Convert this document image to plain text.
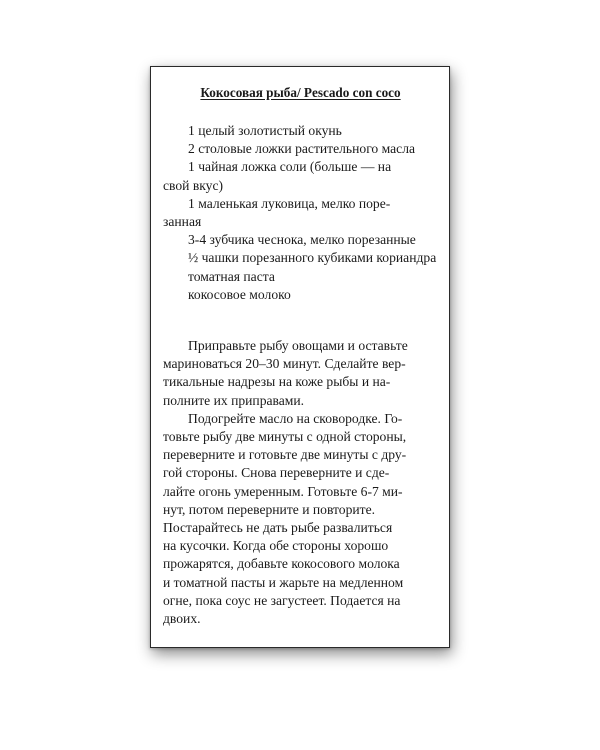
Кокосовая рыба/ Pescado con coco
1 целый золотистый окунь
2 столовые ложки растительного масла
1 чайная ложка соли (больше — на
свой вкус)
1 маленькая луковица, мелко поре-
занная
3-4 зубчика чеснока, мелко порезанные
½ чашки порезанного кубиками кориандра
томатная паста
кокосовое молоко

Приправьте рыбу овощами и оставьте
мариноваться 20–30 минут. Сделайте вер-
тикальные надрезы на коже рыбы и на-
полните их приправами.

Подогрейте масло на сковородке. Го-
товьте рыбу две минуты с одной стороны,
переверните и готовьте две минуты с дру-
гой стороны. Снова переверните и сде-
лайте огонь умеренным. Готовьте 6-7 ми-
нут, потом переверните и повторите.
Постарайтесь не дать рыбе развалиться
на кусочки. Когда обе стороны хорошо
прожарятся, добавьте кокосового молока
и томатной пасты и жарьте на медленном
огне, пока соус не загустеет. Подается на
двоих.
